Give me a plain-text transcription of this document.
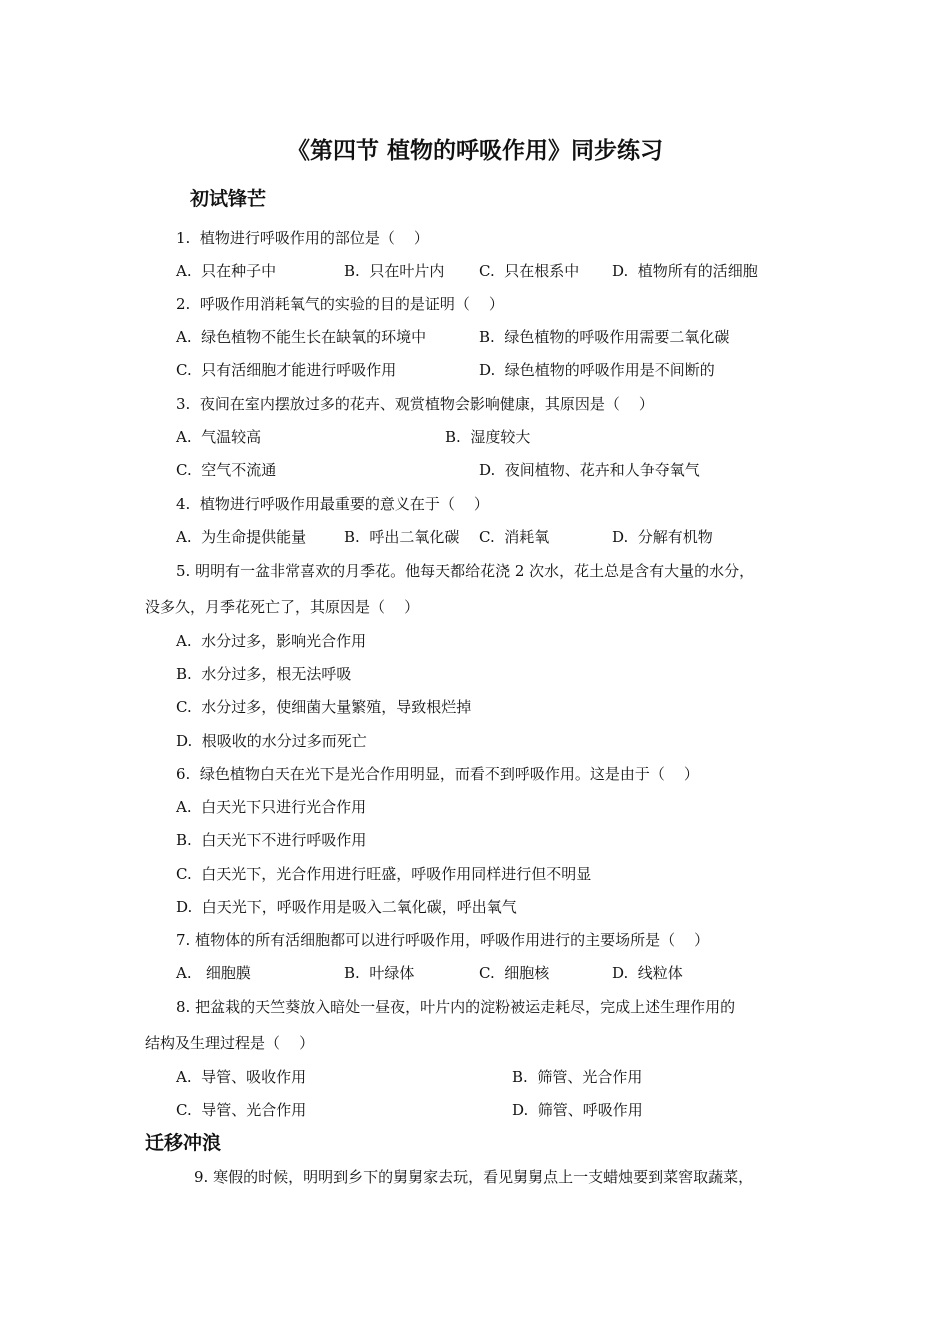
《第四节 植物的呼吸作用》同步练习
初试锋芒
1.  植物进行呼吸作用的部位是（    ）
A.  只在种子中	B.  只在叶片内 C.  只在根系中 D.  植物所有的活细胞
2.  呼吸作用消耗氧气的实验的目的是证明（    ）
A.  绿色植物不能生长在缺氧的环境中	B.  绿色植物的呼吸作用需要二氧化碳
C.  只有活细胞才能进行呼吸作用	D.  绿色植物的呼吸作用是不间断的
3.  夜间在室内摆放过多的花卉、观赏植物会影响健康，其原因是（    ）
A.  气温较高	B.  湿度较大
C.  空气不流通	D.  夜间植物、花卉和人争夺氧气
4.  植物进行呼吸作用最重要的意义在于（    ）
A.  为生命提供能量	B.  呼出二氧化碳 C.  消耗氧	D.  分解有机物
5. 明明有一盆非常喜欢的月季花。他每天都给花浇 2 次水，花土总是含有大量的水分，
没多久，月季花死亡了，其原因是（    ）
A.  水分过多，影响光合作用
B.  水分过多，根无法呼吸
C.  水分过多，使细菌大量繁殖，导致根烂掉
D.  根吸收的水分过多而死亡
6.  绿色植物白天在光下是光合作用明显，而看不到呼吸作用。这是由于（    ）
A.  白天光下只进行光合作用
B.  白天光下不进行呼吸作用
C.  白天光下，光合作用进行旺盛，呼吸作用同样进行但不明显
D.  白天光下，呼吸作用是吸入二氧化碳，呼出氧气
7. 植物体的所有活细胞都可以进行呼吸作用，呼吸作用进行的主要场所是（    ）
A.   细胞膜	B.  叶绿体	C.  细胞核	D.  线粒体
8. 把盆栽的天竺葵放入暗处一昼夜，叶片内的淀粉被运走耗尽，完成上述生理作用的
结构及生理过程是（    ）
A.  导管、吸收作用	B.  筛管、光合作用
C.  导管、光合作用	D.  筛管、呼吸作用
迁移冲浪
9. 寒假的时候，明明到乡下的舅舅家去玩，看见舅舅点上一支蜡烛要到菜窖取蔬菜，
